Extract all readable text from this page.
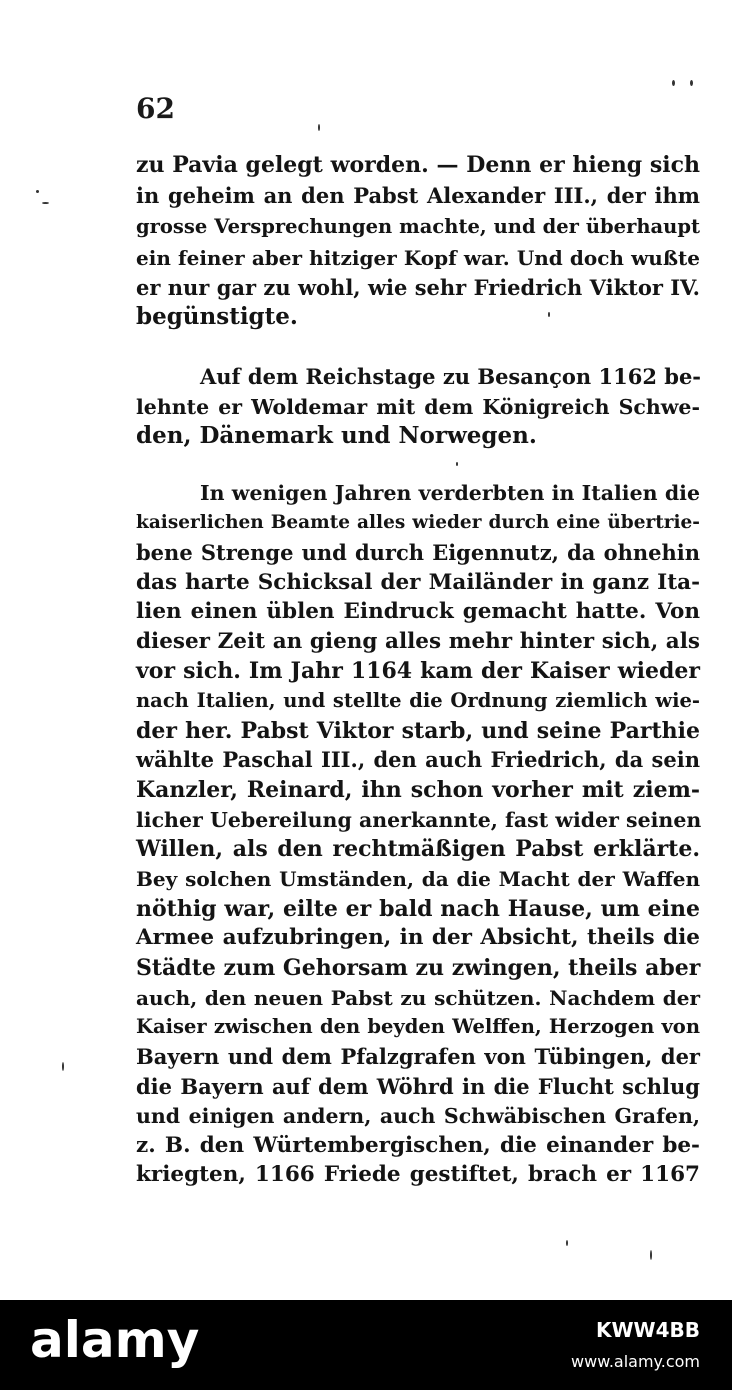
62
zu Pavia gelegt worden. — Denn er hieng sich
in geheim an den Pabst Alexander III., der ihm
grosse Versprechungen machte, und der überhaupt
ein feiner aber hitziger Kopf war. Und doch wußte
er nur gar zu wohl, wie sehr Friedrich Viktor IV.
begünstigte.
Auf dem Reichstage zu Besançon 1162 be-
lehnte er Woldemar mit dem Königreich Schwe-
den, Dänemark und Norwegen.
In wenigen Jahren verderbten in Italien die
kaiserlichen Beamte alles wieder durch eine übertrie-
bene Strenge und durch Eigennutz, da ohnehin
das harte Schicksal der Mailänder in ganz Ita-
lien einen üblen Eindruck gemacht hatte. Von
dieser Zeit an gieng alles mehr hinter sich, als
vor sich. Im Jahr 1164 kam der Kaiser wieder
nach Italien, und stellte die Ordnung ziemlich wie-
der her. Pabst Viktor starb, und seine Parthie
wählte Paschal III., den auch Friedrich, da sein
Kanzler, Reinard, ihn schon vorher mit ziem-
licher Uebereilung anerkannte, fast wider seinen
Willen, als den rechtmäßigen Pabst erklärte.
Bey solchen Umständen, da die Macht der Waffen
nöthig war, eilte er bald nach Hause, um eine
Armee aufzubringen, in der Absicht, theils die
Städte zum Gehorsam zu zwingen, theils aber
auch, den neuen Pabst zu schützen. Nachdem der
Kaiser zwischen den beyden Welffen, Herzogen von
Bayern und dem Pfalzgrafen von Tübingen, der
die Bayern auf dem Wöhrd in die Flucht schlug
und einigen andern, auch Schwäbischen Grafen,
z. B. den Würtembergischen, die einander be-
kriegten, 1166 Friede gestiftet, brach er 1167
alamy	KWW4BB
www.alamy.com
